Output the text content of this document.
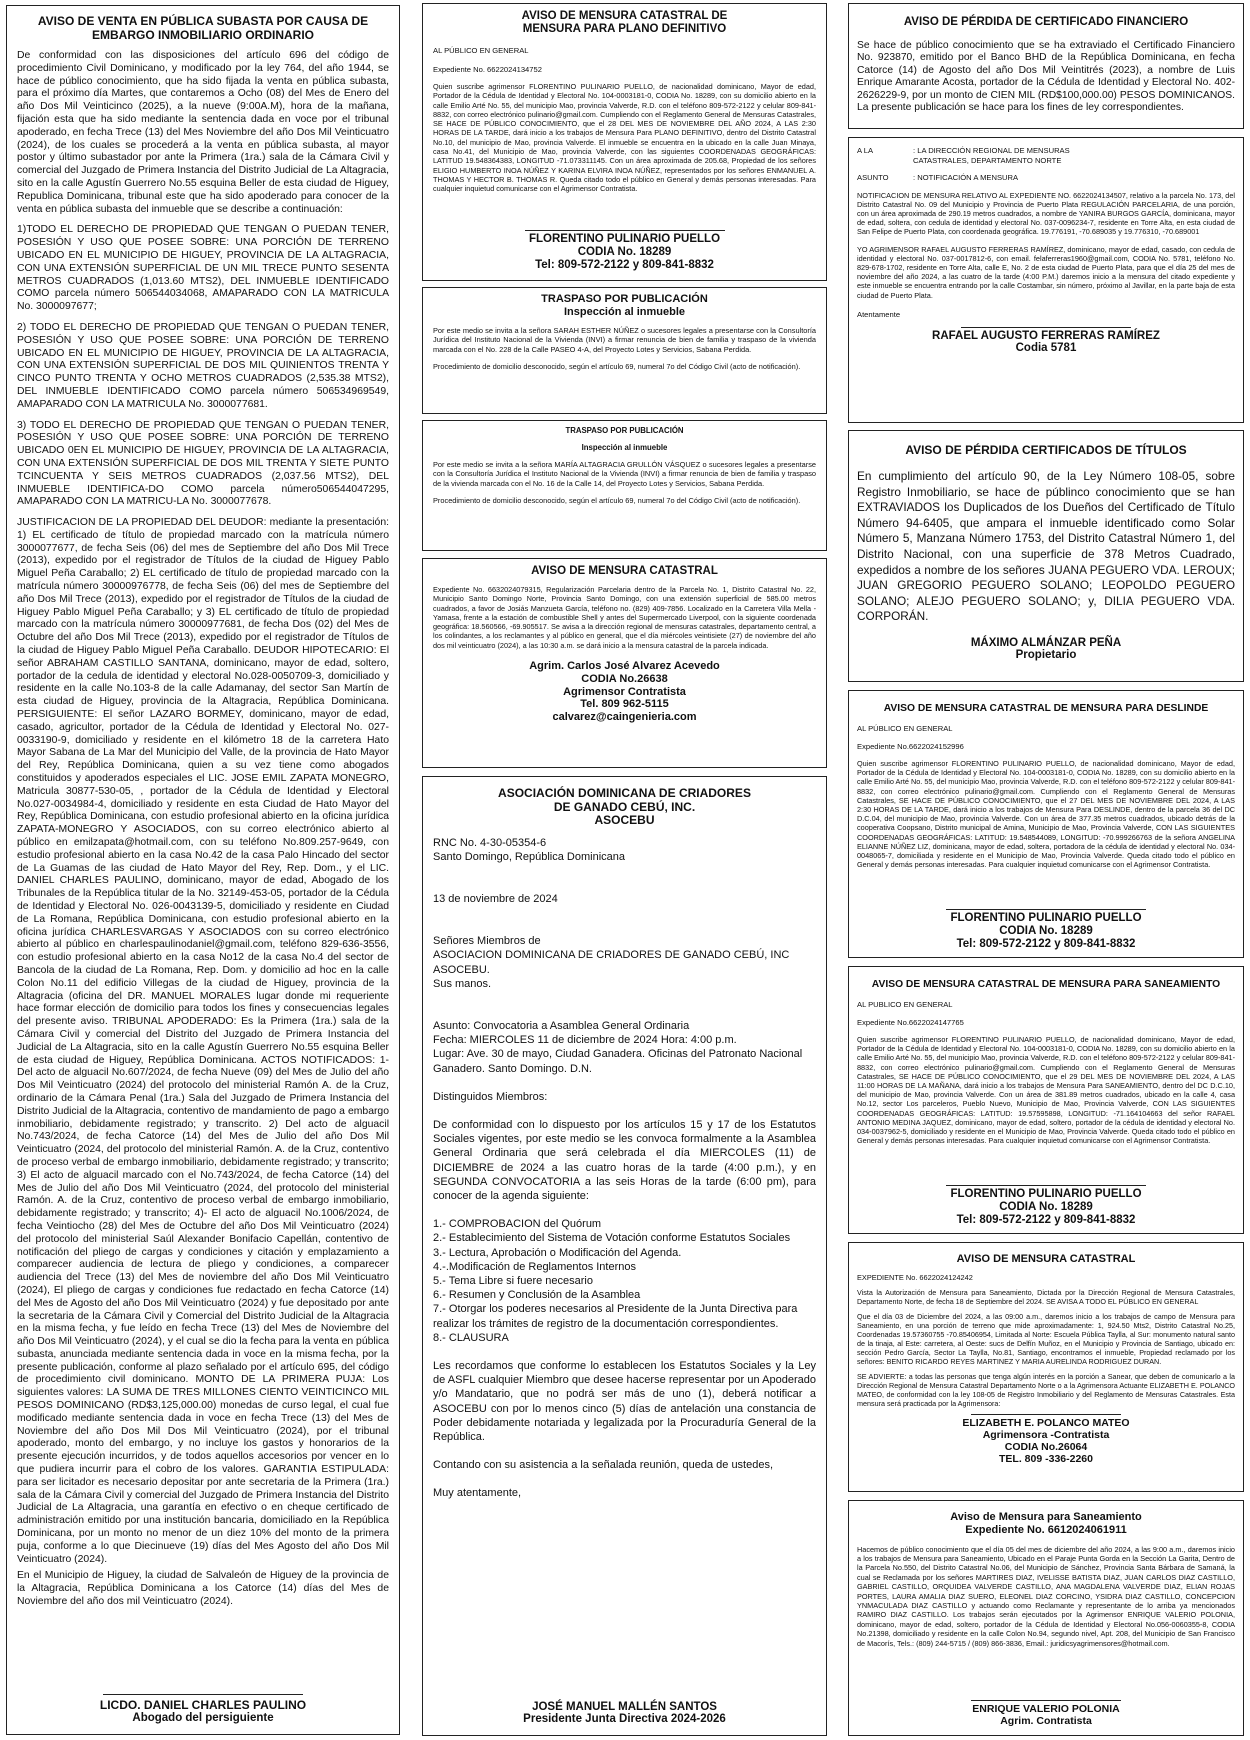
AVISO DE VENTA EN PÚBLICA SUBASTA POR CAUSA DE
EMBARGO INMOBILIARIO ORDINARIO

De conformidad con las disposiciones del artículo 696 del código de procedimiento Civil Dominicano, y modificado por la ley 764, del año 1944, se hace de público conocimiento, que ha sido fijada la venta en pública subasta, para el próximo día Martes, que contaremos a Ocho (08) del Mes de Enero del año Dos Mil Veinticinco (2025), a la nueve (9:00A.M), hora de la mañana, fijación esta que ha sido mediante la sentencia dada en voce por el tribunal apoderado, en fecha Trece (13) del Mes Noviembre del año Dos Mil Veinticuatro (2024), de los cuales se procederá a la venta en pública subasta, al mayor postor y último subastador por ante la Primera (1ra.) sala de la Cámara Civil y comercial del Juzgado de Primera Instancia del Distrito Judicial de La Altagracia, sito en la calle Agustín Guerrero No.55 esquina Beller de esta ciudad de Higuey, Republica Dominicana, tribunal este que ha sido apoderado para conocer de la venta en pública subasta del inmueble que se describe a continuación:

1)TODO EL DERECHO DE PROPIEDAD QUE TENGAN O PUEDAN TENER, POSESIÓN Y USO QUE POSEE SOBRE: UNA PORCIÓN DE TERRENO UBICADO EN EL MUNICIPIO DE HIGUEY, PROVINCIA DE LA ALTAGRACIA, CON UNA EXTENSIÓN SUPERFICIAL DE UN MIL TRECE PUNTO SESENTA METROS CUADRADOS (1,013.60 MTS2), DEL INMUEBLE IDENTIFICADO COMO parcela número 506544034068, AMAPARADO CON LA MATRICULA No. 3000097677;

2) TODO EL DERECHO DE PROPIEDAD QUE TENGAN O PUEDAN TENER, POSESIÓN Y USO QUE POSEE SOBRE: UNA PORCIÓN DE TERRENO UBICADO EN EL MUNICIPIO DE HIGUEY, PROVINCIA DE LA ALTAGRACIA, CON UNA EXTENSIÓN SUPERFICIAL DE DOS MIL QUINIENTOS TRENTA Y CINCO PUNTO TRENTA Y OCHO METROS CUADRADOS (2,535.38 MTS2), DEL INMUEBLE IDENTIFICADO COMO parcela número 506534969549, AMAPARADO CON LA MATRICULA No. 3000077681.

3) TODO EL DERECHO DE PROPIEDAD QUE TENGAN O PUEDAN TENER, POSESIÓN Y USO QUE POSEE SOBRE: UNA PORCIÓN DE TERRENO UBICADO 0EN EL MUNICIPIO DE HIGUEY, PROVINCIA DE LA ALTAGRACIA, CON UNA EXTENSIÓN SUPERFICIAL DE DOS MIL TRENTA Y SIETE PUNTO TCINCUENTA Y SEIS METROS CUADRADOS (2,037.56 MTS2), DEL INMUEBLE IDENTIFICA-DO COMO parcela número506544047295, AMAPARADO CON LA MATRICU-LA No. 3000077678.

JUSTIFICACION DE LA PROPIEDAD DEL DEUDOR: mediante la presentación: 1) EL certificado de título de propiedad marcado con la matrícula número 3000077677, de fecha Seis (06) del mes de Septiembre del año Dos Mil Trece (2013), expedido por el registrador de Títulos de la ciudad de Higuey Pablo Miguel Peña Caraballo; 2) EL certificado de título de propiedad marcado con la matrícula número 30000976778, de fecha Seis (06) del mes de Septiembre del año Dos Mil Trece (2013), expedido por el registrador de Títulos de la ciudad de Higuey Pablo Miguel Peña Caraballo; y 3) EL certificado de título de propiedad marcado con la matrícula número 30000977681, de fecha Dos (02) del Mes de Octubre del año Dos Mil Trece (2013), expedido por el registrador de Títulos de la ciudad de Higuey Pablo Miguel Peña Caraballo. DEUDOR HIPOTECARIO: El señor ABRAHAM CASTILLO SANTANA, dominicano, mayor de edad, soltero, portador de la cedula de identidad y electoral No.028-0050709-3, domiciliado y residente en la calle No.103-8 de la calle Adamanay, del sector San Martín de esta ciudad de Higuey, provincia de la Altagracia, República Dominicana. PERSIGUIENTE: El señor LAZARO BORMEY, dominicano, mayor de edad, casado, agricultor, portador de la Cédula de Identidad y Electoral No. 027-0033190-9, domiciliado y residente en el kilómetro 18 de la carretera Hato Mayor Sabana de La Mar del Municipio del Valle, de la provincia de Hato Mayor del Rey, República Dominicana, quien a su vez tiene como abogados constituidos y apoderados especiales el LIC. JOSE EMIL ZAPATA MONEGRO, Matricula 30877-530-05, , portador de la Cédula de Identidad y Electoral No.027-0034984-4, domiciliado y residente en esta Ciudad de Hato Mayor del Rey, República Dominicana, con estudio profesional abierto en la oficina jurídica ZAPATA-MONEGRO Y ASOCIADOS, con su correo electrónico abierto al público en emilzapata@hotmail.com, con su teléfono No.809.257-9649, con estudio profesional abierto en la casa No.42 de la casa Palo Hincado del sector de La Guamas de las ciudad de Hato Mayor del Rey, Rep. Dom., y el LIC. DANIEL CHARLES PAULINO, dominicano, mayor de edad, Abogado de los Tribunales de la República titular de la No. 32149-453-05, portador de la Cédula de Identidad y Electoral No. 026-0043139-5, domiciliado y residente en Ciudad de La Romana, República Dominicana, con estudio profesional abierto en la oficina jurídica CHARLESVARGAS Y ASOCIADOS con su correo electrónico abierto al público en charlespaulinodaniel@gmail.com, teléfono 829-636-3556, con estudio profesional abierto en la casa No12 de la casa No.4 del sector de Bancola de la ciudad de La Romana, Rep. Dom. y domicilio ad hoc en la calle Colon No.11 del edificio Villegas de la ciudad de Higuey, provincia de la Altagracia (oficina del DR. MANUEL MORALES lugar donde mi requeriente hace formar elección de domicilio para todos los fines y consecuencias legales del presente aviso. TRIBUNAL APODERADO: Es la Primera (1ra.) sala de la Cámara Civil y comercial del Distrito del Juzgado de Primera Instancia del Judicial de La Altagracia, sito en la calle Agustín Guerrero No.55 esquina Beller de esta ciudad de Higuey, República Dominicana. ACTOS NOTIFICADOS: 1- Del acto de alguacil No.607/2024, de fecha Nueve (09) del Mes de Julio del año Dos Mil Veinticuatro (2024) del protocolo del ministerial Ramón A. de la Cruz, ordinario de la Cámara Penal (1ra.) Sala del Juzgado de Primera Instancia del Distrito Judicial de la Altagracia, contentivo de mandamiento de pago a embargo inmobiliario, debidamente registrado; y transcrito. 2) Del acto de alguacil No.743/2024, de fecha Catorce (14) del Mes de Julio del año Dos Mil Veinticuatro (2024, del protocolo del ministerial Ramón. A. de la Cruz, contentivo de proceso verbal de embargo inmobiliario, debidamente registrado; y transcrito; 3) El acto de alguacil marcado con el No.743/2024, de fecha Catorce (14) del Mes de Julio del año Dos Mil Veinticuatro (2024, del protocolo del ministerial Ramón. A. de la Cruz, contentivo de proceso verbal de embargo inmobiliario, debidamente registrado; y transcrito; 4)- El acto de alguacil No.1006/2024, de fecha Veintiocho (28) del Mes de Octubre del año Dos Mil Veinticuatro (2024) del protocolo del ministerial Saúl Alexander Bonifacio Capellán, contentivo de notificación del pliego de cargas y condiciones y citación y emplazamiento a comparecer audiencia de lectura de pliego y condiciones, a comparecer audiencia del Trece (13) del Mes de noviembre del año Dos Mil Veinticuatro (2024), El pliego de cargas y condiciones fue redactado en fecha Catorce (14) del Mes de Agosto del año Dos Mil Veinticuatro (2024) y fue depositado por ante la secretaria de la Cámara Civil y Comercial del Distrito Judicial de la Altagracia en la misma fecha, y fue leído en fecha Trece (13) del Mes de Noviembre del año Dos Mil Veinticuatro (2024), y el cual se dio la fecha para la venta en pública subasta, anunciada mediante sentencia dada in voce en la misma fecha, por la presente publicación, conforme al plazo señalado por el artículo 695, del código de procedimiento civil dominicano. MONTO DE LA PRIMERA PUJA: Los siguientes valores: LA SUMA DE TRES MILLONES CIENTO VEINTICINCO MIL PESOS DOMINICANO (RD$3,125,000.00) monedas de curso legal, el cual fue modificado mediante sentencia dada in voce en fecha Trece (13) del Mes de Noviembre del año Dos Mil Dos Mil Veinticuatro (2024), por el tribunal apoderado, monto del embargo, y no incluye los gastos y honorarios de la presente ejecución incurridos, y de todos aquellos accesorios por vencer en lo que pudiera incurrir para el cobro de los valores. GARANTIA ESTIPULADA: para ser licitador es necesario depositar por ante secretaria de la Primera (1ra.) sala de la Cámara Civil y comercial del Juzgado de Primera Instancia del Distrito Judicial de La Altagracia, una garantía en efectivo o en cheque certificado de administración emitido por una institución bancaria, domiciliado en la República Dominicana, por un monto no menor de un diez 10% del monto de la primera puja, conforme a lo que Diecinueve (19) días del Mes Agosto del año Dos Mil Veinticuatro (2024).

En el Municipio de Higuey, la ciudad de Salvaleón de Higuey de la provincia de la Altagracia, República Dominicana a los Catorce (14) días del Mes de Noviembre del año dos mil Veinticuatro (2024).

LICDO. DANIEL CHARLES PAULINO

Abogado del persiguiente

AVISO DE MENSURA CATASTRAL DE
MENSURA PARA PLANO DEFINITIVO

AL PÚBLICO EN GENERAL

Expediente No. 6622024134752

Quien suscribe agrimensor FLORENTINO PULINARIO PUELLO, de nacionalidad dominicano, Mayor de edad, Portador de la Cédula de Identidad y Electoral No. 104-0003181-0, CODIA No. 18289, con su domicilio abierto en la calle Emilio Arté No. 55, del municipio Mao, provincia Valverde, R.D. con el teléfono 809-572-2122 y celular 809-841-8832, con correo electrónico pulinario@gmail.com. Cumpliendo con el Reglamento General de Mensuras Catastrales, SE HACE DE PÚBLICO CONOCIMIENTO, que el 28 DEL MES DE NOVIEMBRE DEL AÑO 2024, A LAS 2:30 HORAS DE LA TARDE, dará inicio a los trabajos de Mensura Para PLANO DEFINITIVO, dentro del Distrito Catastral No.10, del municipio de Mao, provincia Valverde. El inmueble se encuentra en la ubicado en la calle Juan Minaya, casa No.41, del Municipio de Mao, provincia Valverde, con las siguientes COORDENADAS GEOGRÁFICAS: LATITUD 19.548364383, LONGITUD -71.073311145. Con un área aproximada de 205.68, Propiedad de los señores ELIGIO HUMBERTO INOA NÚÑEZ Y KARINA ELVIRA INOA NÚÑEZ, representados por los señores ENMANUEL A. THOMAS Y HECTOR B. THOMAS R. Queda citado todo el público en General y demás personas interesadas. Para cualquier inquietud comunicarse con el Agrimensor Contratista.

FLORENTINO PULINARIO PUELLO

CODIA No. 18289

Tel: 809-572-2122 y 809-841-8832

TRASPASO POR PUBLICACIÓN
Inspección al inmueble

Por este medio se invita a la señora SARAH ESTHER NÚÑEZ o sucesores legales a presentarse con la Consultoría Jurídica del Instituto Nacional de la Vivienda (INVI) a firmar renuncia de bien de familia y traspaso de la vivienda marcada con el No. 228 de la Calle PASEO 4-A, del Proyecto Lotes y Servicios, Sabana Perdida.

Procedimiento de domicilio desconocido, según el artículo 69, numeral 7o del Código Civil (acto de notificación).

TRASPASO POR PUBLICACIÓN

Inspección al inmueble

Por este medio se invita a la señora MARÍA ALTAGRACIA GRULLÓN VÁSQUEZ o sucesores legales a presentarse con la Consultoría Jurídica el Instituto Nacional de la Vivienda (INVI) a firmar renuncia de bien de familia y traspaso de la vivienda marcada con el No. 16 de la Calle 14, del Proyecto Lotes y Servicios, Sabana Perdida.

Procedimiento de domicilio desconocido, según el artículo 69, numeral 7o del Código Civil (acto de notificación).

AVISO DE MENSURA CATASTRAL

Expediente No. 6632024079315, Regularización Parcelaria dentro de la Parcela No. 1, Distrito Catastral No. 22, Municipio Santo Domingo Norte, Provincia Santo Domingo, con una extensión superficial de 585.00 metros cuadrados, a favor de Josiás Manzueta García, teléfono no. (829) 409-7856. Localizado en la Carretera Villa Mella - Yamasa, frente a la estación de combustible Shell y antes del Supermercado Liverpool, con la siguiente coordenada geográfica: 18.560566, -69.905517. Se avisa a la dirección regional de mensuras catastrales, departamento central, a los colindantes, a los reclamantes y al público en general, que el día miércoles veintisiete (27) de noviembre del año dos mil veinticuatro (2024), a las 10:30 a.m. se dará inicio a la mensura catastral de la parcela indicada.

Agrim. Carlos José Alvarez Acevedo

CODIA No.26638

Agrimensor Contratista

Tel. 809 962-5115

calvarez@caingenieria.com

ASOCIACIÓN DOMINICANA DE CRIADORES
DE GANADO CEBÚ, INC.
ASOCEBU

RNC No. 4-30-05354-6

Santo Domingo, República Dominicana

13 de noviembre de 2024

Señores Miembros de

ASOCIACION DOMINICANA DE CRIADORES DE GANADO CEBÚ, INC

ASOCEBU.

Sus manos.

Asunto: Convocatoria a Asamblea General Ordinaria

Fecha: MIERCOLES 11 de diciembre de 2024 Hora: 4:00 p.m.

Lugar: Ave. 30 de mayo, Ciudad Ganadera. Oficinas del Patronato Nacional

Ganadero. Santo Domingo. D.N.

Distinguidos Miembros:

De conformidad con lo dispuesto por los artículos 15 y 17 de los Estatutos Sociales vigentes, por este medio se les convoca formalmente a la Asamblea General Ordinaria que será celebrada el día MIERCOLES (11) de DICIEMBRE de 2024 a las cuatro horas de la tarde (4:00 p.m.), y en SEGUNDA CONVOCATORIA a las seis Horas de la tarde (6:00 pm), para conocer de la agenda siguiente:

1.- COMPROBACION del Quórum

2.- Establecimiento del Sistema de Votación conforme Estatutos Sociales

3.- Lectura, Aprobación o Modificación del Agenda.

4.-.Modificación de Reglamentos Internos

5.- Tema Libre si fuere necesario

6.- Resumen y Conclusión de la Asamblea

7.- Otorgar los poderes necesarios al Presidente de la Junta Directiva para realizar los trámites de registro de la documentación correspondientes.

8.- CLAUSURA

Les recordamos que conforme lo establecen los Estatutos Sociales y la Ley de ASFL cualquier Miembro que desee hacerse representar por un Apoderado y/o Mandatario, que no podrá ser más de uno (1), deberá notificar a ASOCEBU con por lo menos cinco (5) días de antelación una constancia de Poder debidamente notariada y legalizada por la Procuraduría General de la República.

Contando con su asistencia a la señalada reunión, queda de ustedes,

Muy atentamente,

JOSÉ MANUEL MALLÉN SANTOS

Presidente Junta Directiva 2024-2026

AVISO DE PÉRDIDA DE CERTIFICADO FINANCIERO

Se hace de público conocimiento que se ha extraviado el Certificado Financiero No. 923870, emitido por el Banco BHD de la República Dominicana, en fecha Catorce (14) de Agosto del año Dos Mil Veintitrés (2023), a nombre de Luis Enrique Amarante Acosta, portador de la Cédula de Identidad y Electoral No. 402-2626229-9, por un monto de CIEN MIL (RD$100,000.00) PESOS DOMINICANOS. La presente publicación se hace para los fines de ley correspondientes.

A LA	: LA DIRECCIÓN REGIONAL DE MENSURAS CATASTRALES, DEPARTAMENTO NORTE
ASUNTO	: NOTIFICACIÓN A MENSURA

NOTIFICACION DE MENSURA RELATIVO AL EXPEDIENTE NO. 6622024134507, relativo a la parcela No. 173, del Distrito Catastral No. 09 del Municipio y Provincia de Puerto Plata REGULACIÓN PARCELARIA, de una porción, con un área aproximada de 290.19 metros cuadrados, a nombre de YANIRA BURGOS GARCÍA, dominicana, mayor de edad, soltera, con cedula de identidad y electoral No. 037-0096234-7, residente en Torre Alta, en esta ciudad de San Felipe de Puerto Plata, con coordenada geográfica. 19.776191, -70.689035 y 19.776310, -70.689001

YO AGRIMENSOR RAFAEL AUGUSTO FERRERAS RAMÍREZ, dominicano, mayor de edad, casado, con cedula de identidad y electoral No. 037-0017812-6, con email. felaferreras1960@gmail.com, CODIA No. 5781, teléfono No. 829-678-1702, residente en Torre Alta, calle E, No. 2 de esta ciudad de Puerto Plata, para que el día 25 del mes de noviembre del año 2024, a las cuatro de la tarde (4:00 P.M.) daremos inicio a la mensura del citado expediente y este inmueble se encuentra entrando por la calle Costambar, sin número, próximo al Javillar, en la parte baja de esta ciudad de Puerto Plata.

Atentamente

RAFAEL AUGUSTO FERRERAS RAMÍREZ

Codia 5781

AVISO DE PÉRDIDA CERTIFICADOS DE TÍTULOS

En cumplimiento del artículo 90, de la Ley Número 108-05, sobre Registro Inmobiliario, se hace de públinco conocimiento que se han EXTRAVIADOS los Duplicados de los Dueños del Certificado de Título Número 94-6405, que ampara el inmueble identificado como Solar Número 5, Manzana Número 1753, del Distrito Catastral Número 1, del Distrito Nacional, con una superficie de 378 Metros Cuadrado, expedidos a nombre de los señores JUANA PEGUERO VDA. LEROUX; JUAN GREGORIO PEGUERO SOLANO; LEOPOLDO PEGUERO SOLANO; ALEJO PEGUERO SOLANO; y, DILIA PEGUERO VDA. CORPORÁN.

MÁXIMO ALMÁNZAR PEÑA

Propietario

AVISO DE MENSURA CATASTRAL DE MENSURA PARA DESLINDE

AL PÚBLICO EN GENERAL

Expediente No.6622024152996

Quien suscribe agrimensor FLORENTINO PULINARIO PUELLO, de nacionalidad dominicano, Mayor de edad, Portador de la Cédula de Identidad y Electoral No. 104-0003181-0, CODIA No. 18289, con su domicilio abierto en la calle Emilio Arté No. 55, del municipio Mao, provincia Valverde, R.D. con el teléfono 809-572-2122 y celular 809-841-8832, con correo electrónico pulinario@gmail.com. Cumpliendo con el Reglamento General de Mensuras Catastrales, SE HACE DE PÚBLICO CONOCIMIENTO, que el 27 DEL MES DE NOVIEMBRE DEL 2024, A LAS 2:30 HORAS DE LA TARDE, dará inicio a los trabajos de Mensura Para DESLINDE, dentro de la parcela 36 del DC D.C.04, del municipio de Mao, provincia Valverde. Con un área de 377.35 metros cuadrados, ubicado detrás de la cooperativa Coopsano, Distrito municipal de Amina, Municipio de Mao, Provincia Valverde, CON LAS SIGUIENTES COORDENADAS GEOGRÁFICAS: LATITUD: 19.548544089, LONGITUD: -70.999266763 de la señora ANGELINA ELIANNE NÚÑEZ LIZ, dominicana, mayor de edad, soltera, portadora de la cédula de identidad y electoral No. 034-0048065-7, domiciliada y residente en el Municipio de Mao, Provincia Valverde. Queda citado todo el público en General y demás personas interesadas. Para cualquier inquietud comunicarse con el Agrimensor Contratista.

FLORENTINO PULINARIO PUELLO

CODIA No. 18289

Tel: 809-572-2122 y 809-841-8832

AVISO DE MENSURA CATASTRAL DE MENSURA PARA SANEAMIENTO

AL PUBLICO EN GENERAL

Expediente No.6622024147765

Quien suscribe agrimensor FLORENTINO PULINARIO PUELLO, de nacionalidad dominicano, Mayor de edad, Portador de la Cédula de Identidad y Electoral No. 104-0003181-0, CODIA No. 18289, con su domicilio abierto en la calle Emilio Arté No. 55, del municipio Mao, provincia Valverde, R.D. con el teléfono 809-572-2122 y celular 809-841-8832, con correo electrónico pulinario@gmail.com. Cumpliendo con el Reglamento General de Mensuras Catastrales, SE HACE DE PÚBLICO CONOCIMIENTO, que el 29 DEL MES DE NOVIEMBRE DEL 2024, A LAS 11:00 HORAS DE LA MAÑANA, dará inicio a los trabajos de Mensura Para SANEAMIENTO, dentro del DC D.C.10, del municipio de Mao, provincia Valverde. Con un área de 381.89 metros cuadrados, ubicado en la calle 4, casa No.12, sector Los parceleros, Pueblo Nuevo, Municipio de Mao, Provincia Valverde, CON LAS SIGUIENTES COORDENADAS GEOGRÁFICAS: LATITUD: 19.57595898, LONGITUD: -71.164104663 del señor RAFAEL ANTONIO MEDINA JAQUEZ, dominicano, mayor de edad, soltero, portador de la cédula de identidad y electoral No. 034-0037962-5, domiciliado y residente en el Municipio de Mao, Provincia Valverde. Queda citado todo el público en General y demás personas interesadas. Para cualquier inquietud comunicarse con el Agrimensor Contratista.

FLORENTINO PULINARIO PUELLO

CODIA No. 18289

Tel: 809-572-2122 y 809-841-8832

AVISO DE MENSURA CATASTRAL

EXPEDIENTE No. 6622024124242

Vista la Autorización de Mensura para Saneamiento, Dictada por la Dirección Regional de Mensura Catastrales, Departamento Norte, de fecha 18 de Septiembre del 2024. SE AVISA A TODO EL PÚBLICO EN GENERAL

Que el día 03 de Diciembre del 2024, a las 09:00 a.m., daremos inicio a los trabajos de campo de Mensura para Saneamiento, en una porción de terreno que mide aproximadamente: 1, 924.50 Mts2, Distrito Catastral No.25, Coordenadas 19.57360755 -70.85406954, Limitada al Norte: Escuela Pública Taylla, al Sur: monumento natural santo de la tinaja, al Este: carretera, al Oeste: sucs de Delfín Muñoz, en el Municipio y Provincia de Santiago, ubicado en: sección Pedro García, Sector La Taylla, No.81, Santiago, encontramos el inmueble, Propiedad reclamado por los señores: BENITO RICARDO REYES MARTINEZ Y MARIA AURELINDA RODRIGUEZ DURAN.

SE ADVIERTE: a todas las personas que tenga algún interés en la porción a Sanear, que deben de comunicarlo a la Dirección Regional de Mensura Catastral Departamento Norte o a la Agrimensora Actuante ELIZABETH E. POLANCO MATEO, de conformidad con la ley 108-05 de Registro Inmobiliario y del Reglamento de Mensuras Catastrales. Esta mensura será practicada por la Agrimensora:

ELIZABETH E. POLANCO MATEO

Agrimensora -Contratista

CODIA No.26064

TEL. 809 -336-2260

Aviso de Mensura para Saneamiento
Expediente No. 6612024061911

Hacemos de público conocimiento que el día 05 del mes de diciembre del año 2024, a las 9:00 a.m., daremos inicio a los trabajos de Mensura para Saneamiento, Ubicado en el Paraje Punta Gorda en la Sección La Garita, Dentro de la Parcela No.550, del Distrito Catastral No.06, del Municipio de Sánchez, Provincia Santa Bárbara de Samaná, la cual se Reclamada por los señores MARTIRES DIAZ, IVELISSE BATISTA DIAZ, JUAN CARLOS DIAZ CASTILLO, GABRIEL CASTILLO, ORQUIDEA VALVERDE CASTILLO, ANA MAGDALENA VALVERDE DIAZ, ELIAN ROJAS PORTES, LAURA AMALIA DIAZ SUERO, ELEONEL DIAZ CORCINO, YSIDRA DIAZ CASTILLO, CONCEPCION YNMACULADA DIAZ CASTILLO y actuando como Reclamante y representante de lo arriba ya mencionados RAMIRO DIAZ CASTILLO. Los trabajos serán ejecutados por la Agrimensor ENRIQUE VALERIO POLONIA, dominicano, mayor de edad, soltero, portador de la Cédula de Identidad y Electoral No.056-0060355-8, CODIA No.21398, domiciliado y residente en la calle Colon No.94, segundo nivel, Apt. 208, del Municipio de San Francisco de Macorís, Tels.: (809) 244-5715 / (809) 866-3836, Email.: juridicsyagrimensores@hotmail.com.

ENRIQUE VALERIO POLONIA

Agrim. Contratista
